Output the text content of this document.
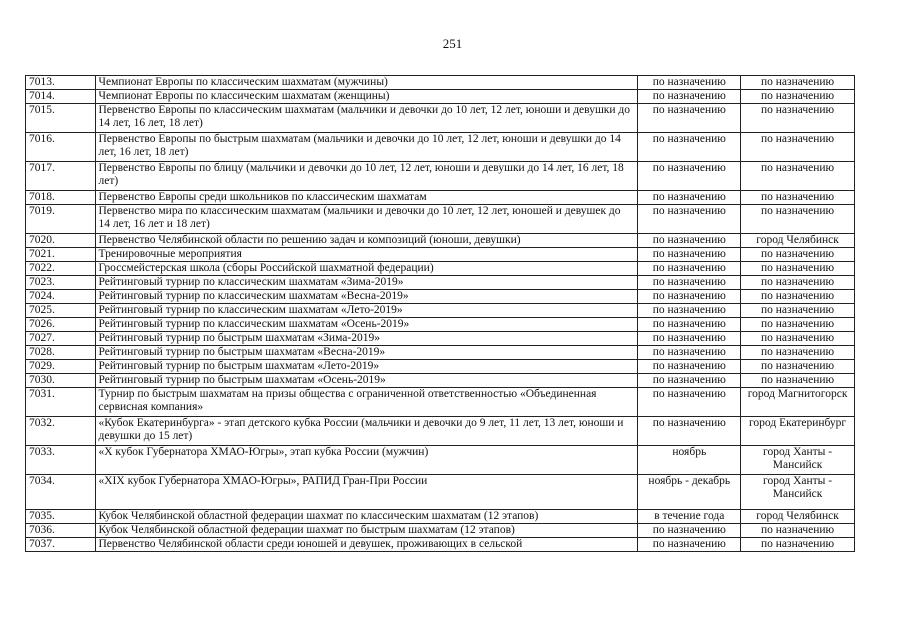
251
7013.	Чемпионат Европы по классическим шахматам (мужчины)	по назначению	по назначению
7014.	Чемпионат Европы по классическим шахматам (женщины)	по назначению	по назначению
7015.	Первенство Европы по классическим шахматам (мальчики и девочки до 10 лет, 12 лет, юноши и девушки до 14 лет, 16 лет, 18 лет)	по назначению	по назначению
7016.	Первенство Европы по быстрым шахматам (мальчики и девочки до 10 лет, 12 лет, юноши и девушки до 14 лет, 16 лет, 18 лет)	по назначению	по назначению
7017.	Первенство Европы по блицу (мальчики и девочки до 10 лет, 12 лет, юноши и девушки до 14 лет, 16 лет, 18 лет)	по назначению	по назначению
7018.	Первенство Европы среди школьников по классическим шахматам	по назначению	по назначению
7019.	Первенство мира по классическим шахматам (мальчики и девочки до 10 лет, 12 лет, юношей и девушек до 14 лет, 16 лет и 18 лет)	по назначению	по назначению
7020.	Первенство Челябинской области по решению задач и композиций (юноши, девушки)	по назначению	город Челябинск
7021.	Тренировочные мероприятия	по назначению	по назначению
7022.	Гроссмейстерская школа (сборы Российской шахматной федерации)	по назначению	по назначению
7023.	Рейтинговый турнир по классическим шахматам «Зима-2019»	по назначению	по назначению
7024.	Рейтинговый турнир по классическим шахматам «Весна-2019»	по назначению	по назначению
7025.	Рейтинговый турнир по классическим шахматам «Лето-2019»	по назначению	по назначению
7026.	Рейтинговый турнир по классическим шахматам «Осень-2019»	по назначению	по назначению
7027.	Рейтинговый турнир по быстрым шахматам «Зима-2019»	по назначению	по назначению
7028.	Рейтинговый турнир по быстрым шахматам «Весна-2019»	по назначению	по назначению
7029.	Рейтинговый турнир по быстрым шахматам «Лето-2019»	по назначению	по назначению
7030.	Рейтинговый турнир по быстрым шахматам «Осень-2019»	по назначению	по назначению
7031.	Турнир по быстрым шахматам на призы общества с ограниченной ответственностью «Объединенная сервисная компания»	по назначению	город Магнитогорск
7032.	«Кубок Екатеринбурга» - этап детского кубка России (мальчики и девочки до 9 лет, 11 лет, 13 лет, юноши и девушки до 15 лет)	по назначению	город Екатеринбург
7033.	«X кубок Губернатора ХМАО-Югры», этап кубка России (мужчин)	ноябрь	город Ханты - Мансийск
7034.	«XIX кубок Губернатора ХМАО-Югры», РАПИД Гран-При России	ноябрь - декабрь	город Ханты - Мансийск
7035.	Кубок Челябинской областной федерации шахмат по классическим шахматам (12 этапов)	в течение года	город Челябинск
7036.	Кубок Челябинской областной федерации шахмат по быстрым шахматам (12 этапов)	по назначению	по назначению
7037.	Первенство Челябинской области среди юношей и девушек, проживающих в сельской	по назначению	по назначению
